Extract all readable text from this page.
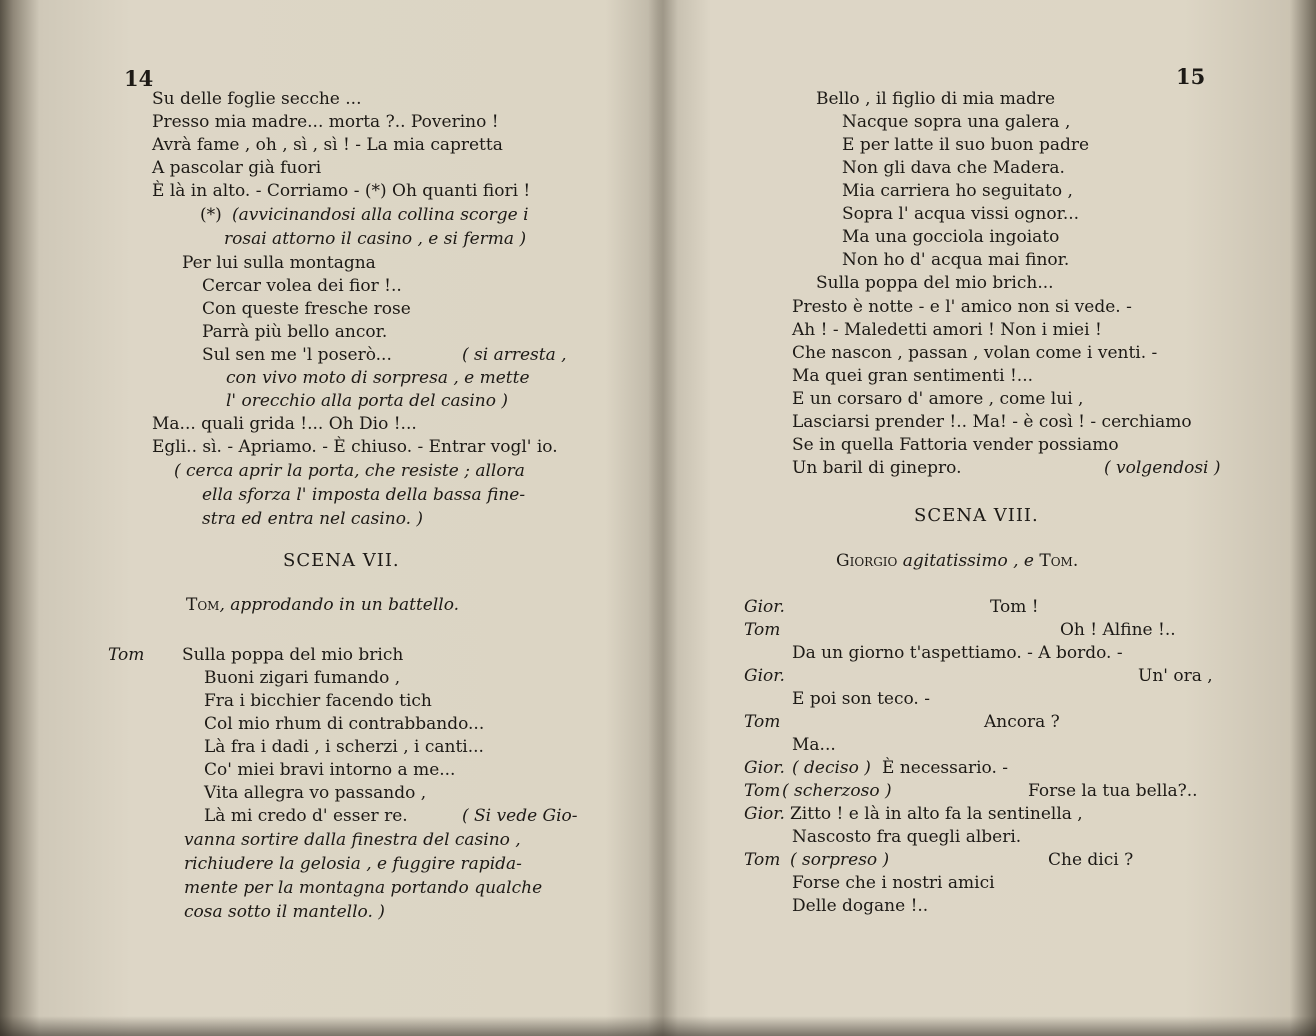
14
Su delle foglie secche ...
Presso mia madre... morta ?.. Poverino !
Avrà fame , oh , sì , sì ! - La mia capretta
A pascolar già fuori
È là in alto. - Corriamo - (*) Oh quanti fiori !
(*) (avvicinandosi alla collina scorge i
rosai attorno il casino , e si ferma )
Per lui sulla montagna
Cercar volea dei fior !..
Con queste fresche rose
Parrà più bello ancor.
Sul sen me 'l poserò...	( si arresta ,
con vivo moto di sorpresa , e mette
l' orecchio alla porta del casino )
Ma... quali grida !... Oh Dio !...
Egli.. sì. - Apriamo. - È chiuso. - Entrar vogl' io.
( cerca aprir la porta, che resiste ; allora
ella sforza l' imposta della bassa fine-
stra ed entra nel casino. )
SCENA VII.
Tom, approdando in un battello.
Tom Sulla poppa del mio brich
Buoni zigari fumando ,
Fra i bicchier facendo tich
Col mio rhum di contrabbando...
Là fra i dadi , i scherzi , i canti...
Co' miei bravi intorno a me...
Vita allegra vo passando ,
Là mi credo d' esser re.	( Si vede Gio-
vanna sortire dalla finestra del casino ,
richiudere la gelosia , e fuggire rapida-
mente per la montagna portando qualche
cosa sotto il mantello. )
15
Bello , il figlio di mia madre
Nacque sopra una galera ,
E per latte il suo buon padre
Non gli dava che Madera.
Mia carriera ho seguitato ,
Sopra l' acqua vissi ognor...
Ma una gocciola ingoiato
Non ho d' acqua mai finor.
Sulla poppa del mio brich...
Presto è notte - e l' amico non si vede. -
Ah ! - Maledetti amori ! Non i miei !
Che nascon , passan , volan come i venti. -
Ma quei gran sentimenti !...
E un corsaro d' amore , come lui ,
Lasciarsi prender !.. Ma! - è così ! - cerchiamo
Se in quella Fattoria vender possiamo
Un baril di ginepro.	( volgendosi )
SCENA VIII.
Giorgio agitatissimo , e Tom.
Gior.	Tom !
Tom	Oh ! Alfine !..
Da un giorno t'aspettiamo. - A bordo. -
Gior.	Un' ora ,
E poi son teco. -
Tom	Ancora ?
Ma...
Gior. ( deciso ) È necessario. -
Tom ( scherzoso )	Forse la tua bella?..
Gior. Zitto ! e là in alto fa la sentinella ,
Nascosto fra quegli alberi.
Tom ( sorpreso )	Che dici ?
Forse che i nostri amici
Delle dogane !..
